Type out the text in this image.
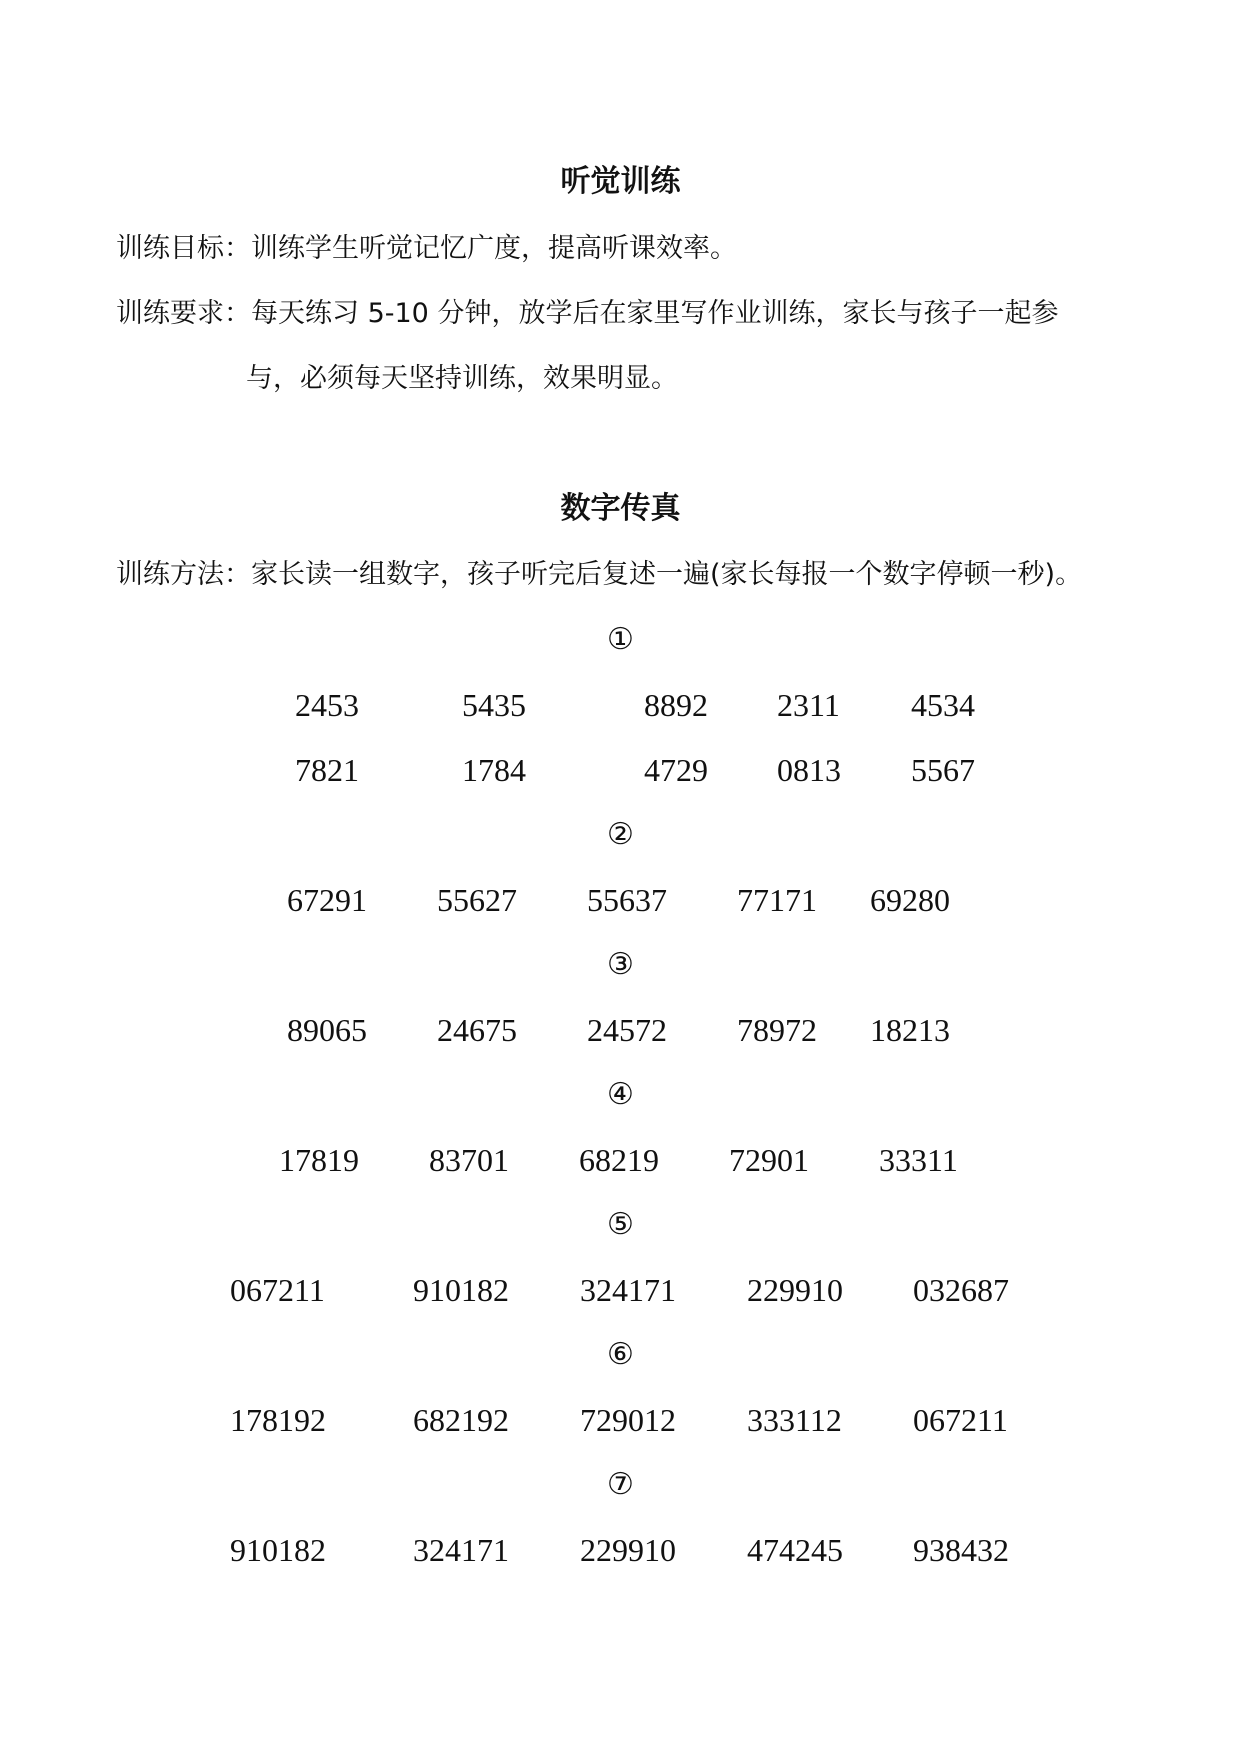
听觉训练
训练目标：训练学生听觉记忆广度，提高听课效率。
训练要求：每天练习 5-10 分钟，放学后在家里写作业训练，家长与孩子一起参
与，必须每天坚持训练，效果明显。
数字传真
训练方法：家长读一组数字，孩子听完后复述一遍(家长每报一个数字停顿一秒)。
①
2453	5435	8892 2311 4534
7821	1784	4729 0813 5567
②
67291 55627 55637 77171 69280
③
89065 24675 24572 78972 18213
④
17819 83701 68219 72901 33311
⑤
067211	910182 324171 229910 032687
⑥
178192	682192 729012 333112 067211
⑦
910182	324171 229910 474245 938432
